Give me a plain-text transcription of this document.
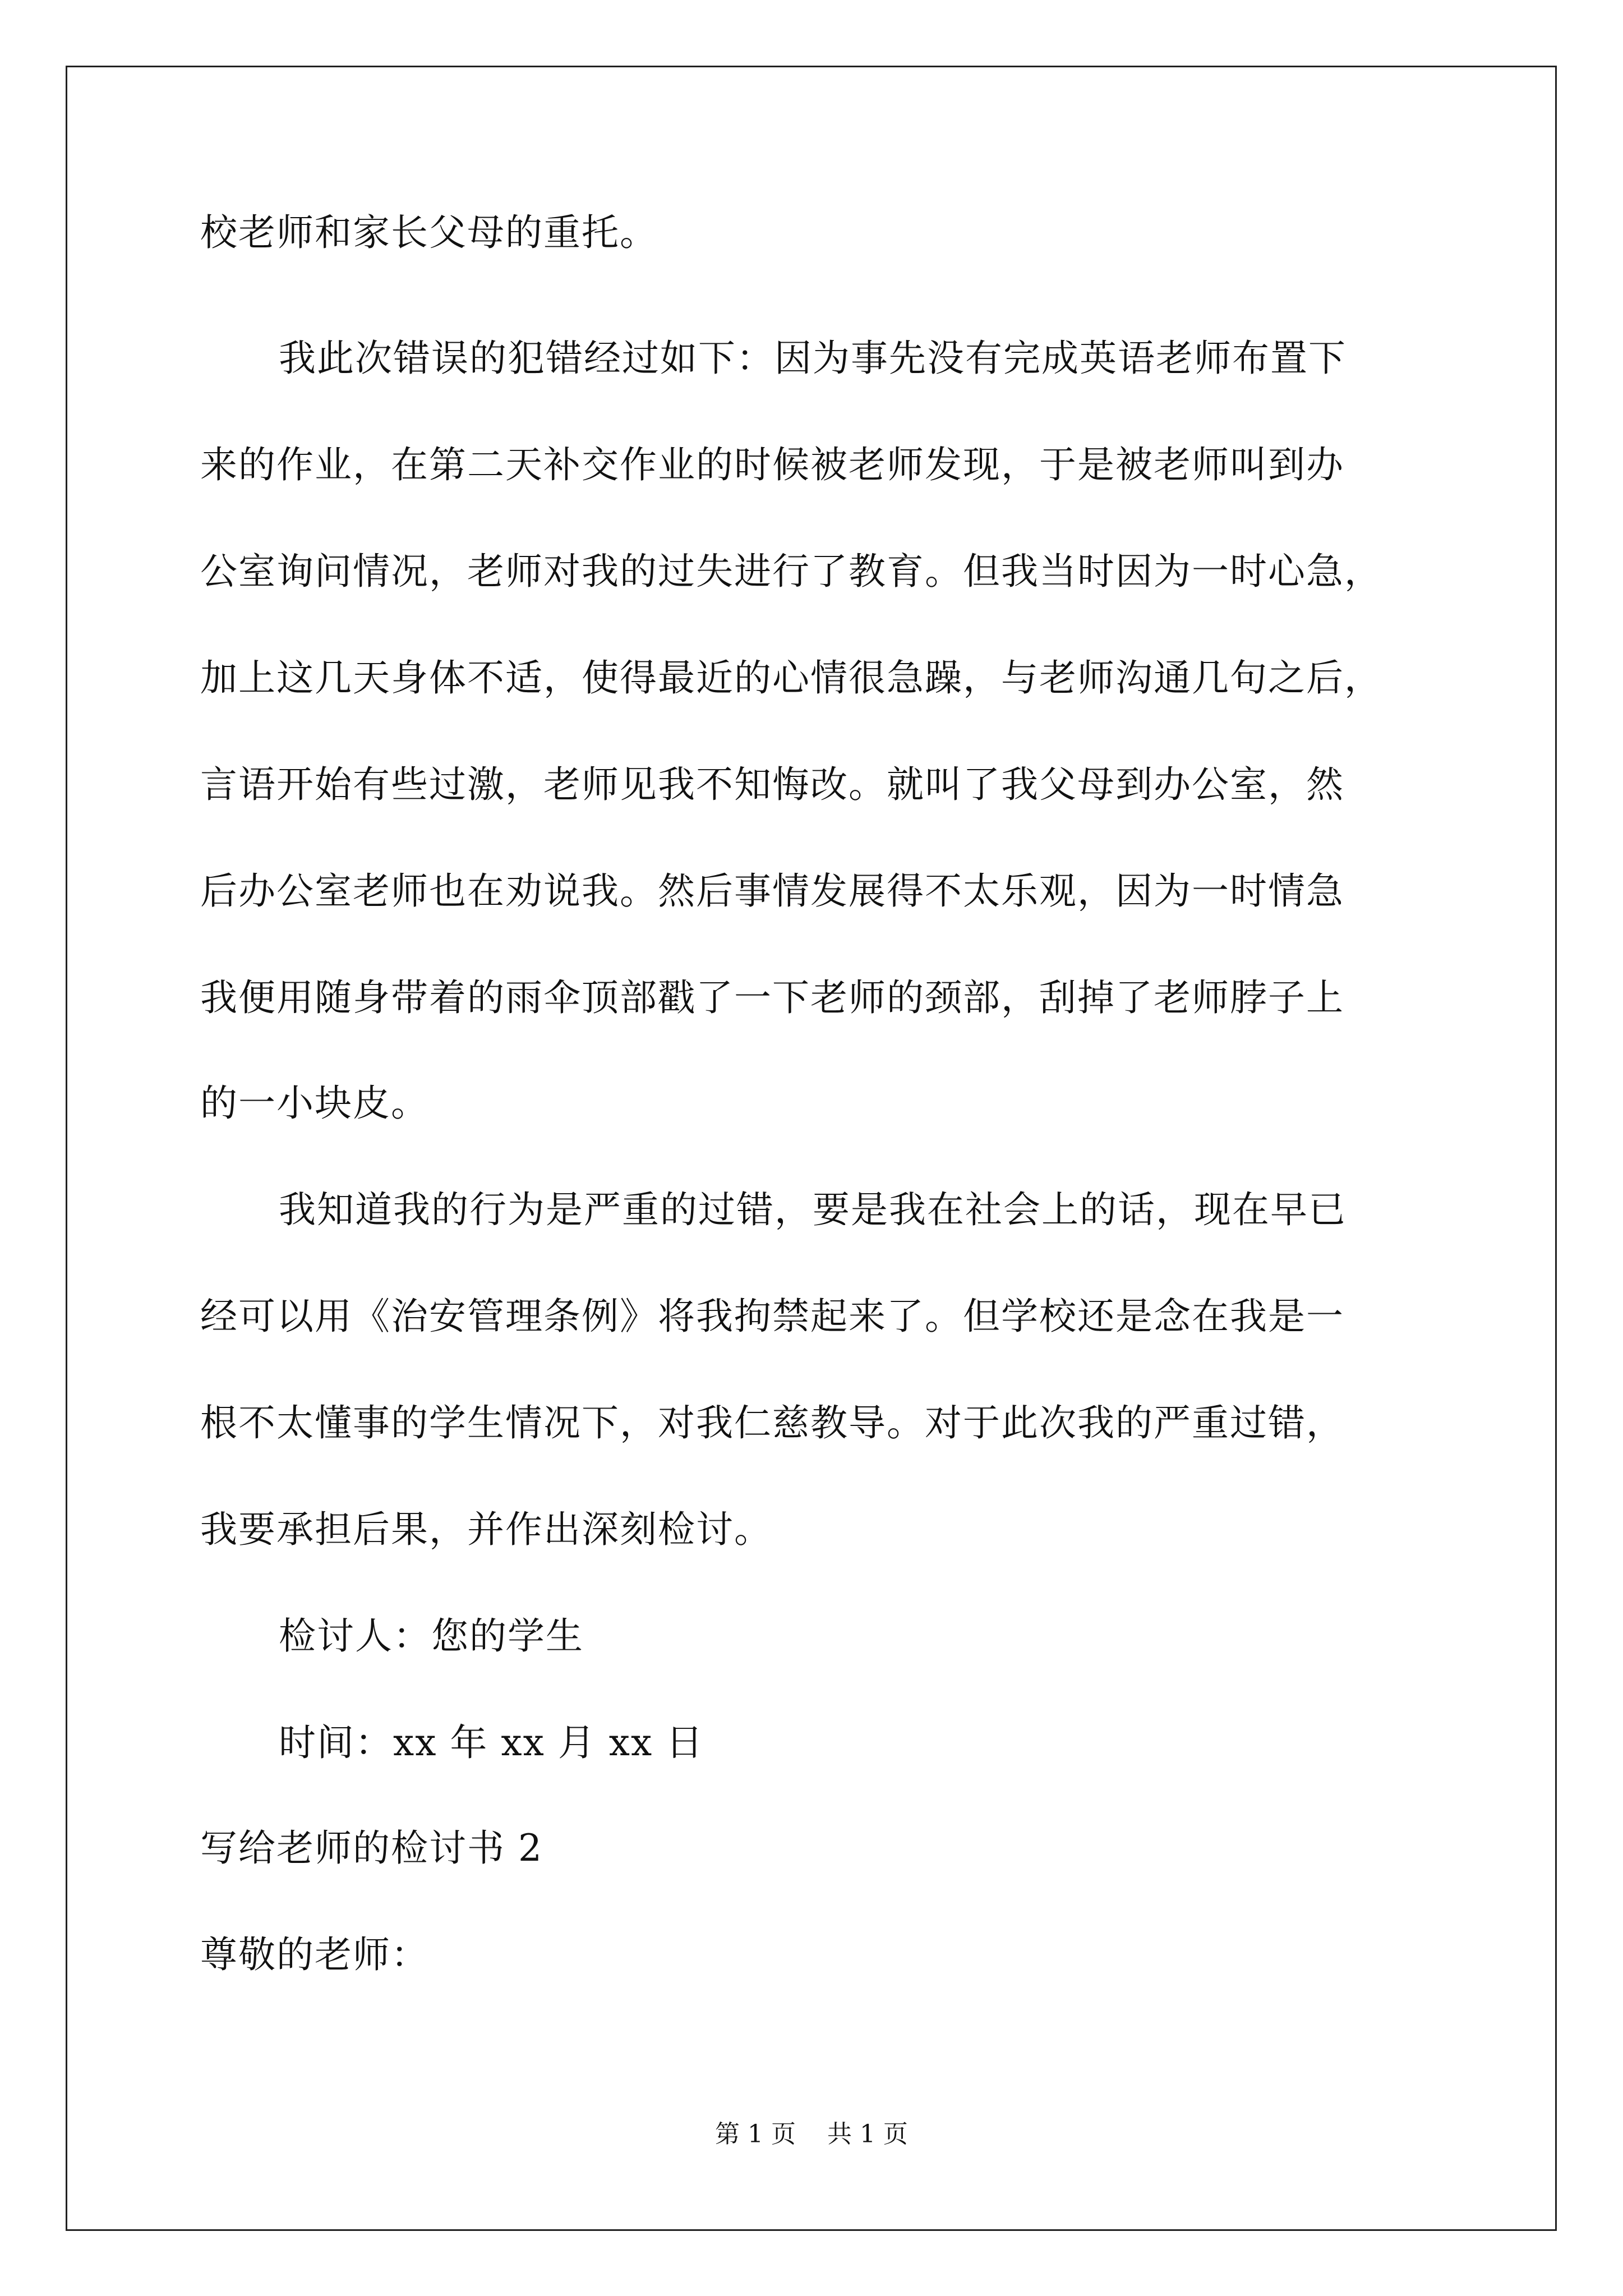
校老师和家长父母的重托。
我此次错误的犯错经过如下：因为事先没有完成英语老师布置下
来的作业，在第二天补交作业的时候被老师发现，于是被老师叫到办
公室询问情况，老师对我的过失进行了教育。但我当时因为一时心急，
加上这几天身体不适，使得最近的心情很急躁，与老师沟通几句之后，
言语开始有些过激，老师见我不知悔改。就叫了我父母到办公室，然
后办公室老师也在劝说我。然后事情发展得不太乐观，因为一时情急
我便用随身带着的雨伞顶部戳了一下老师的颈部，刮掉了老师脖子上
的一小块皮。
我知道我的行为是严重的过错，要是我在社会上的话，现在早已
经可以用《治安管理条例》将我拘禁起来了。但学校还是念在我是一
根不太懂事的学生情况下，对我仁慈教导。对于此次我的严重过错，
我要承担后果，并作出深刻检讨。
检讨人：您的学生
时间：xx 年 xx 月 xx 日
写给老师的检讨书 2
尊敬的老师：
第 1 页    共 1 页
